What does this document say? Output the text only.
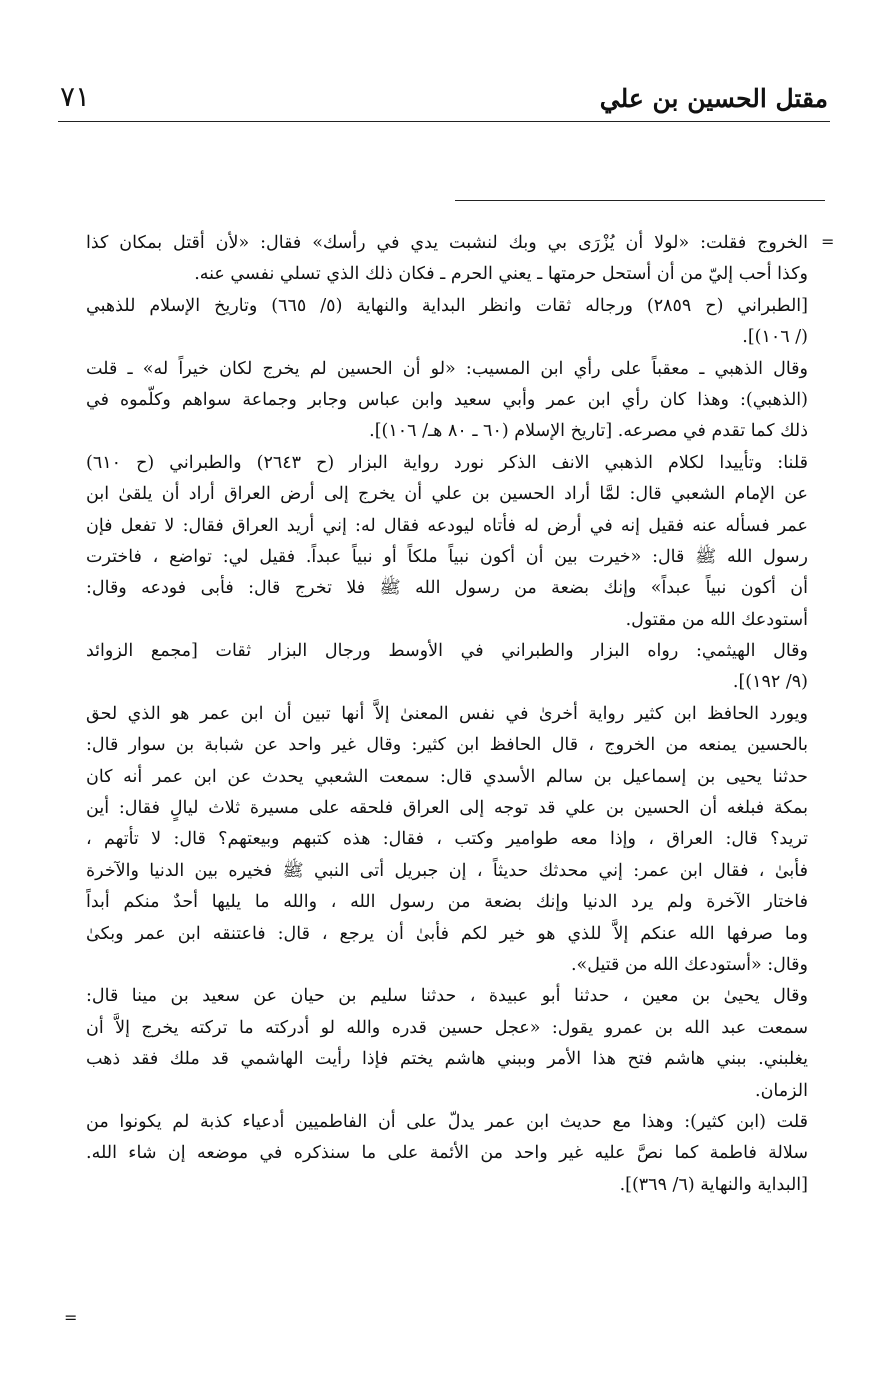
مقتل الحسين بن علي
٧١
=
=
الخروج فقلت: «لولا أن يُزْرَى بي وبك لنشبت يدي في رأسك» فقال: «لأن أقتل بمكان كذا
وكذا أحب إليّ من أن أستحل حرمتها ـ يعني الحرم ـ فكان ذلك الذي تسلي نفسي عنه.
[الطبراني (ح ٢٨٥٩) ورجاله ثقات وانظر البداية والنهاية (٥/ ٦٦٥) وتاريخ الإسلام للذهبي
(/ ١٠٦)].
وقال الذهبي ـ معقباً على رأي ابن المسيب: «لو أن الحسين لم يخرج لكان خيراً له» ـ قلت
(الذهبي): وهذا كان رأي ابن عمر وأبي سعيد وابن عباس وجابر وجماعة سواهم وكلّموه في
ذلك كما تقدم في مصرعه. [تاريخ الإسلام (٦٠ ـ ٨٠ هـ/ ١٠٦)].
قلنا: وتأييدا لكلام الذهبي الانف الذكر نورد رواية البزار (ح ٢٦٤٣) والطبراني (ح ٦١٠)
عن الإمام الشعبي قال: لمَّا أراد الحسين بن علي أن يخرج إلى أرض العراق أراد أن يلقىٰ ابن
عمر فسأله عنه فقيل إنه في أرض له فأتاه ليودعه فقال له: إني أريد العراق فقال: لا تفعل فإن
رسول الله ﷺ قال: «خيرت بين أن أكون نبياً ملكاً أو نبياً عبداً. فقيل لي: تواضع ، فاخترت
أن أكون نبياً عبداً» وإنك بضعة من رسول الله ﷺ فلا تخرج قال: فأبى فودعه وقال:
أستودعك الله من مقتول.
وقال الهيثمي: رواه البزار والطبراني في الأوسط ورجال البزار ثقات [مجمع الزوائد
(٩/ ١٩٢)].
ويورد الحافظ ابن كثير رواية أخرىٰ في نفس المعنىٰ إلاَّ أنها تبين أن ابن عمر هو الذي لحق
بالحسين يمنعه من الخروج ، قال الحافظ ابن كثير: وقال غير واحد عن شبابة بن سوار قال:
حدثنا يحيى بن إسماعيل بن سالم الأسدي قال: سمعت الشعبي يحدث عن ابن عمر أنه كان
بمكة فبلغه أن الحسين بن علي قد توجه إلى العراق فلحقه على مسيرة ثلاث ليالٍ فقال: أين
تريد؟ قال: العراق ، وإذا معه طوامير وكتب ، فقال: هذه كتبهم وبيعتهم؟ قال: لا تأتهم ،
فأبىٰ ، فقال ابن عمر: إني محدثك حديثاً ، إن جبريل أتى النبي ﷺ فخيره بين الدنيا والآخرة
فاختار الآخرة ولم يرد الدنيا وإنك بضعة من رسول الله ، والله ما يليها أحدٌ منكم أبداً
وما صرفها الله عنكم إلاَّ للذي هو خير لكم فأبىٰ أن يرجع ، قال: فاعتنقه ابن عمر وبكىٰ
وقال: «أستودعك الله من قتيل».
وقال يحيىٰ بن معين ، حدثنا أبو عبيدة ، حدثنا سليم بن حيان عن سعيد بن مينا قال:
سمعت عبد الله بن عمرو يقول: «عجل حسين قدره والله لو أدركته ما تركته يخرج إلاَّ أن
يغلبني. ببني هاشم فتح هذا الأمر وببني هاشم يختم فإذا رأيت الهاشمي قد ملك فقد ذهب
الزمان.
قلت (ابن كثير): وهذا مع حديث ابن عمر يدلّ على أن الفاطميين أدعياء كذبة لم يكونوا من
سلالة فاطمة كما نصَّ عليه غير واحد من الأئمة على ما سنذكره في موضعه إن شاء الله.
[البداية والنهاية (٦/ ٣٦٩)].
